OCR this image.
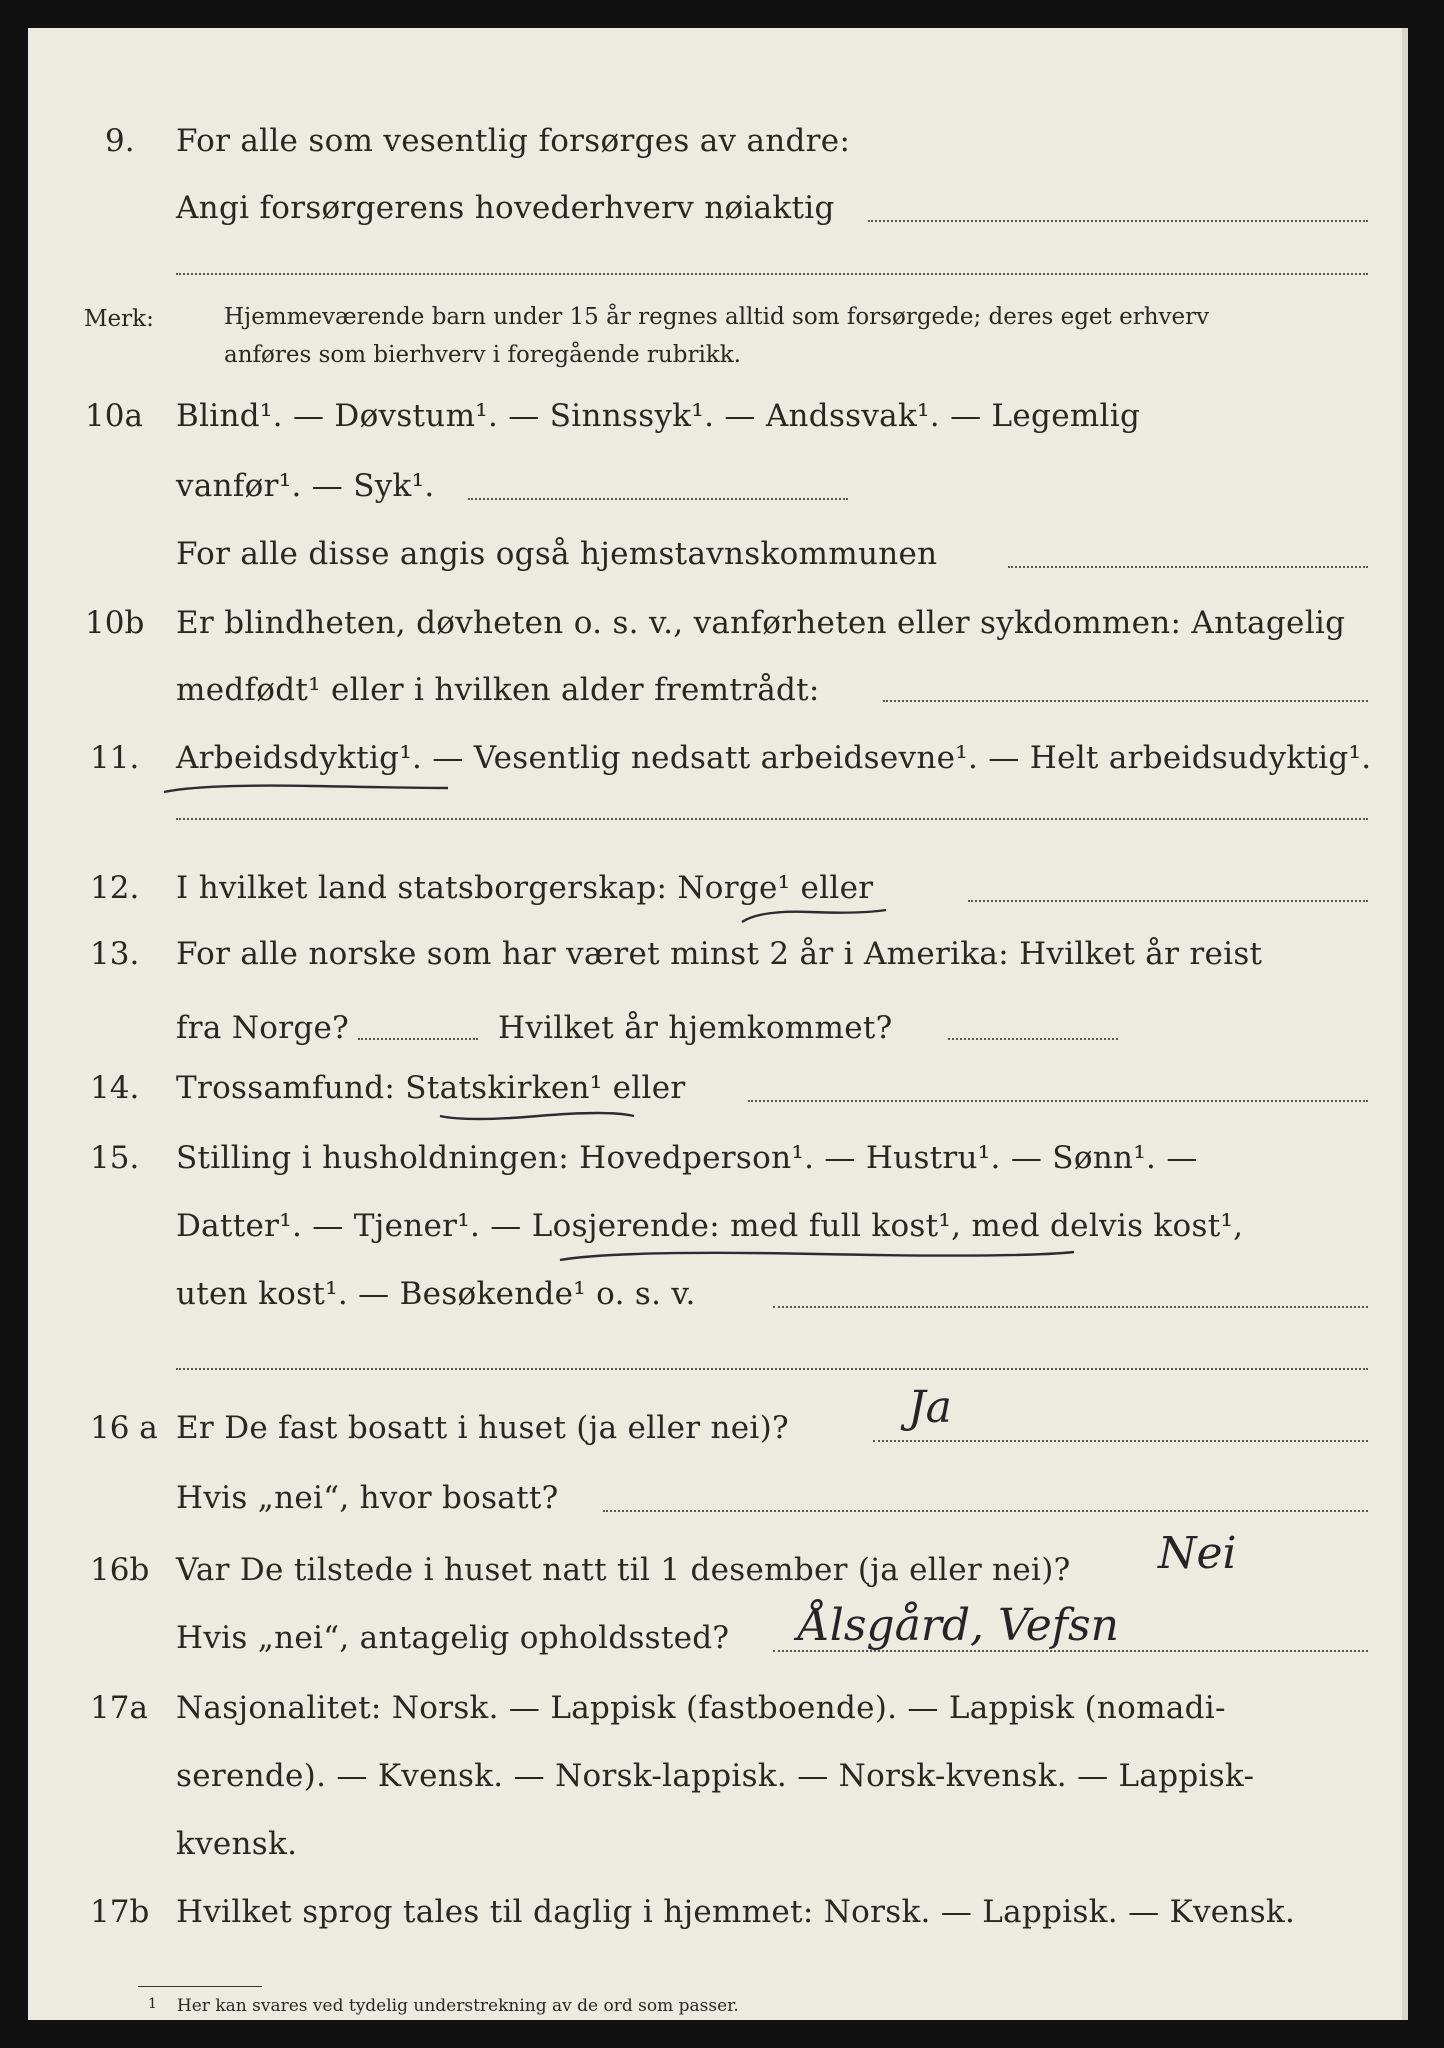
9. For alle som vesentlig forsørges av andre:
Angi forsørgerens hovederhverv nøiaktig
Merk:	Hjemmeværende barn under 15 år regnes alltid som forsørgede; deres eget erhverv
anføres som bierhverv i foregående rubrikk.
10a Blind¹. — Døvstum¹. — Sinnssyk¹. — Andssvak¹. — Legemlig
vanfør¹. — Syk¹.
For alle disse angis også hjemstavnskommunen
10b Er blindheten, døvheten o. s. v., vanførheten eller sykdommen: Antagelig
medfødt¹ eller i hvilken alder fremtrådt:
11. Arbeidsdyktig¹. — Vesentlig nedsatt arbeidsevne¹. — Helt arbeidsudyktig¹.
12. I hvilket land statsborgerskap: Norge¹ eller
13. For alle norske som har været minst 2 år i Amerika: Hvilket år reist
fra Norge?	Hvilket år hjemkommet?
14. Trossamfund: Statskirken¹ eller
15. Stilling i husholdningen: Hovedperson¹. — Hustru¹. — Sønn¹. —
Datter¹. — Tjener¹. — Losjerende: med full kost¹, med delvis kost¹,
uten kost¹. — Besøkende¹ o. s. v.
16 a Er De fast bosatt i huset (ja eller nei)?	Ja
Hvis „nei“, hvor bosatt?
16b Var De tilstede i huset natt til 1 desember (ja eller nei)? Nei
Hvis „nei“, antagelig opholdssted? Ålsgård, Vefsn
17a Nasjonalitet: Norsk. — Lappisk (fastboende). — Lappisk (nomadi-
serende). — Kvensk. — Norsk-lappisk. — Norsk-kvensk. — Lappisk-
kvensk.
17b Hvilket sprog tales til daglig i hjemmet: Norsk. — Lappisk. — Kvensk.
$^1$ Her kan svares ved tydelig understrekning av de ord som passer.
